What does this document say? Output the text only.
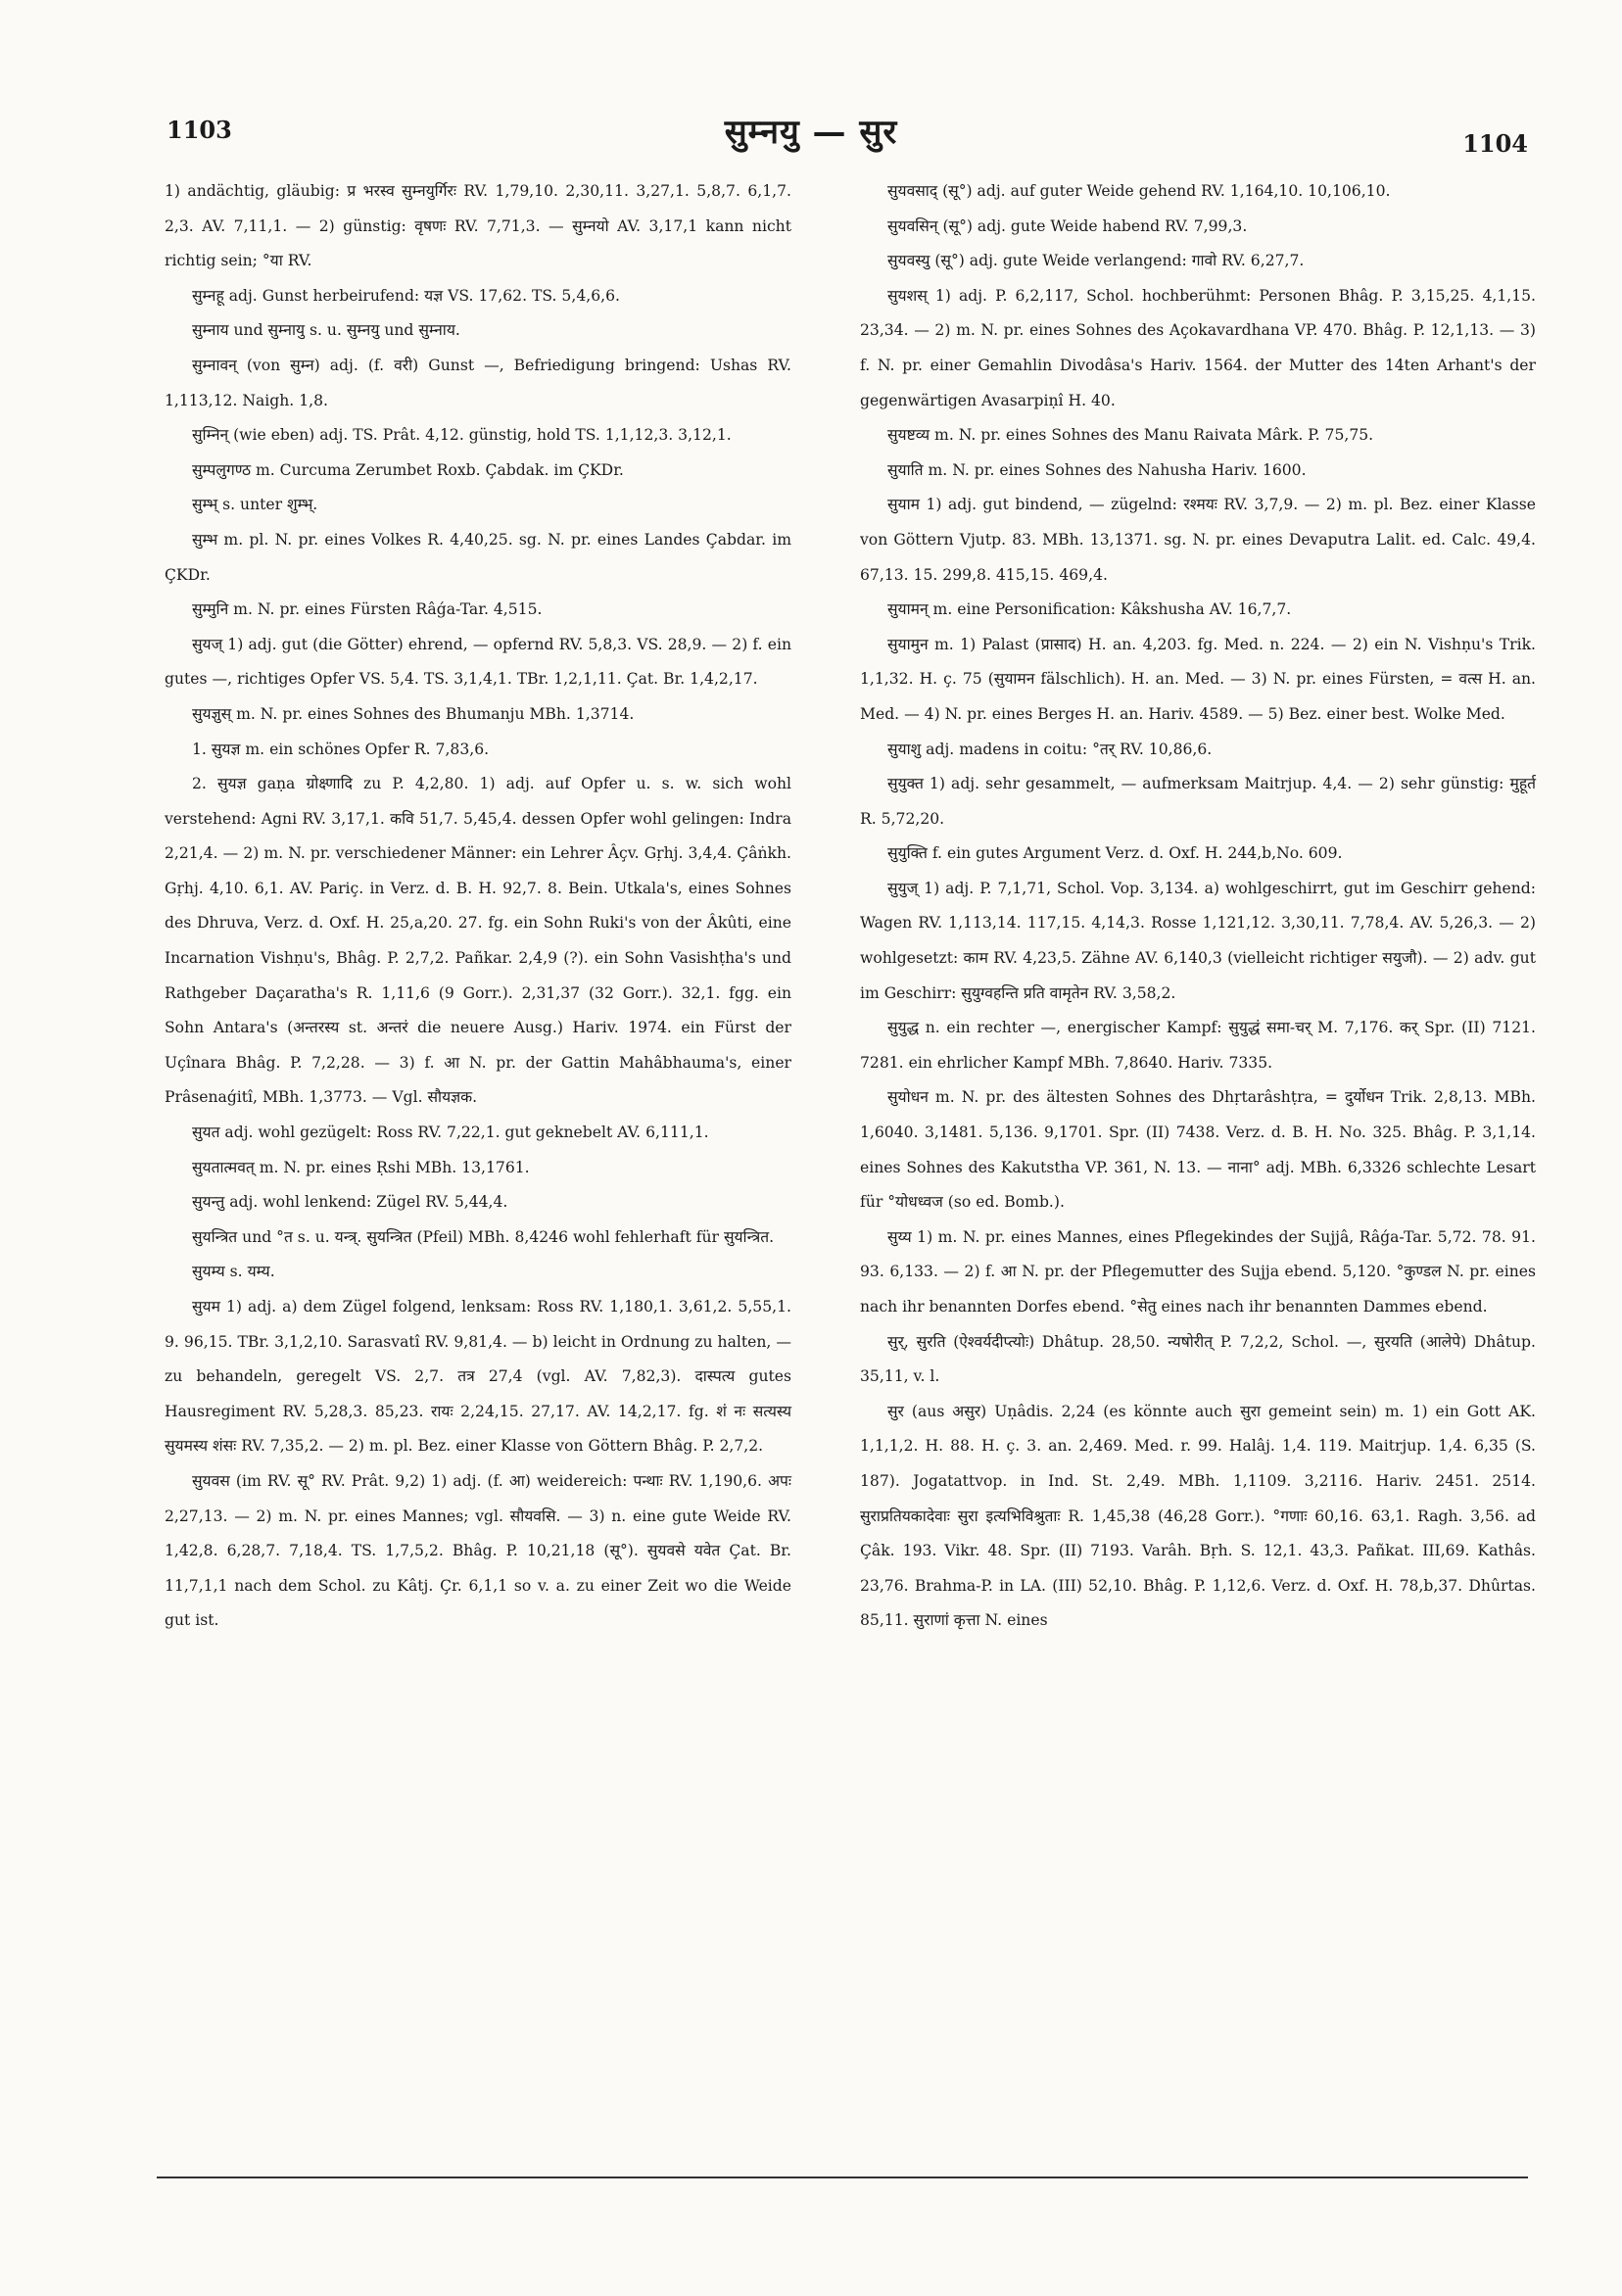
1103	सुम्नयु — सुर	1104

1) andächtig, gläubig: प्र भरस्व सुम्नयुर्गिरः RV. 1,79,10. 2,30,11. 3,27,1. 5,8,7. 6,1,7. 2,3. AV. 7,11,1. — 2) günstig: वृषणः RV. 7,71,3. — सुम्नयो AV. 3,17,1 kann nicht richtig sein; °या RV.

सुम्नहू adj. Gunst herbeirufend: यज्ञ VS. 17,62. TS. 5,4,6,6.

सुम्नाय und सुम्नायु s. u. सुम्नयु und सुम्नाय.

सुम्नावन् (von सुम्न) adj. (f. वरी) Gunst —, Befriedigung bringend: Ushas RV. 1,113,12. Naigh. 1,8.

सुम्निन् (wie eben) adj. TS. Prât. 4,12. günstig, hold TS. 1,1,12,3. 3,12,1.

सुम्पलुगण्ठ m. Curcuma Zerumbet Roxb. Çabdak. im ÇKDr.

सुम्भ् s. unter शुम्भ्.

सुम्भ m. pl. N. pr. eines Volkes R. 4,40,25. sg. N. pr. eines Landes Çabdar. im ÇKDr.

सुम्मुनि m. N. pr. eines Fürsten Râǵa-Tar. 4,515.

सुयज् 1) adj. gut (die Götter) ehrend, — opfernd RV. 5,8,3. VS. 28,9. — 2) f. ein gutes —, richtiges Opfer VS. 5,4. TS. 3,1,4,1. TBr. 1,2,1,11. Çat. Br. 1,4,2,17.

सुयज्ञुस् m. N. pr. eines Sohnes des Bhumanju MBh. 1,3714.

1. सुयज्ञ m. ein schönes Opfer R. 7,83,6.

2. सुयज्ञ gaṇa ग्रोक्ष्णादि zu P. 4,2,80. 1) adj. auf Opfer u. s. w. sich wohl verstehend: Agni RV. 3,17,1. कवि 51,7. 5,45,4. dessen Opfer wohl gelingen: Indra 2,21,4. — 2) m. N. pr. verschiedener Männer: ein Lehrer Âçv. Gṛhj. 3,4,4. Çâṅkh. Gṛhj. 4,10. 6,1. AV. Pariç. in Verz. d. B. H. 92,7. 8. Bein. Utkala's, eines Sohnes des Dhruva, Verz. d. Oxf. H. 25,a,20. 27. fg. ein Sohn Ruki's von der Âkûti, eine Incarnation Vishṇu's, Bhâg. P. 2,7,2. Pañkar. 2,4,9 (?). ein Sohn Vasishṭha's und Rathgeber Daçaratha's R. 1,11,6 (9 Gorr.). 2,31,37 (32 Gorr.). 32,1. fgg. ein Sohn Antara's (अन्तरस्य st. अन्तरं die neuere Ausg.) Hariv. 1974. ein Fürst der Uçînara Bhâg. P. 7,2,28. — 3) f. आ N. pr. der Gattin Mahâbhauma's, einer Prâsenaǵitî, MBh. 1,3773. — Vgl. सौयज्ञक.

सुयत adj. wohl gezügelt: Ross RV. 7,22,1. gut geknebelt AV. 6,111,1.

सुयतात्मवत् m. N. pr. eines Ṛshi MBh. 13,1761.

सुयन्तु adj. wohl lenkend: Zügel RV. 5,44,4.

सुयन्त्रित und °त s. u. यन्त्र्. सुयन्त्रित (Pfeil) MBh. 8,4246 wohl fehlerhaft für सुयन्त्रित.

सुयम्य s. यम्य.

सुयम 1) adj. a) dem Zügel folgend, lenksam: Ross RV. 1,180,1. 3,61,2. 5,55,1. 9. 96,15. TBr. 3,1,2,10. Sarasvatî RV. 9,81,4. — b) leicht in Ordnung zu halten, — zu behandeln, geregelt VS. 2,7. तत्र 27,4 (vgl. AV. 7,82,3). दास्पत्य gutes Hausregiment RV. 5,28,3. 85,23. रायः 2,24,15. 27,17. AV. 14,2,17. fg. शं नः सत्यस्य सुयमस्य शंसः RV. 7,35,2. — 2) m. pl. Bez. einer Klasse von Göttern Bhâg. P. 2,7,2.

सुयवस (im RV. सू° RV. Prât. 9,2) 1) adj. (f. आ) weidereich: पन्थाः RV. 1,190,6. अपः 2,27,13. — 2) m. N. pr. eines Mannes; vgl. सौयवसि. — 3) n. eine gute Weide RV. 1,42,8. 6,28,7. 7,18,4. TS. 1,7,5,2. Bhâg. P. 10,21,18 (सू°). सुयवसे यवेत Çat. Br. 11,7,1,1 nach dem Schol. zu Kâtj. Çr. 6,1,1 so v. a. zu einer Zeit wo die Weide gut ist.

सुयवसाद् (सू°) adj. auf guter Weide gehend RV. 1,164,10. 10,106,10.

सुयवसिन् (सू°) adj. gute Weide habend RV. 7,99,3.

सुयवस्यु (सू°) adj. gute Weide verlangend: गावो RV. 6,27,7.

सुयशस् 1) adj. P. 6,2,117, Schol. hochberühmt: Personen Bhâg. P. 3,15,25. 4,1,15. 23,34. — 2) m. N. pr. eines Sohnes des Açokavardhana VP. 470. Bhâg. P. 12,1,13. — 3) f. N. pr. einer Gemahlin Divodâsa's Hariv. 1564. der Mutter des 14ten Arhant's der gegenwärtigen Avasarpiṇî H. 40.

सुयष्टव्य m. N. pr. eines Sohnes des Manu Raivata Mârk. P. 75,75.

सुयाति m. N. pr. eines Sohnes des Nahusha Hariv. 1600.

सुयाम 1) adj. gut bindend, — zügelnd: रश्मयः RV. 3,7,9. — 2) m. pl. Bez. einer Klasse von Göttern Vjutp. 83. MBh. 13,1371. sg. N. pr. eines Devaputra Lalit. ed. Calc. 49,4. 67,13. 15. 299,8. 415,15. 469,4.

सुयामन् m. eine Personification: Kâkshusha AV. 16,7,7.

सुयामुन m. 1) Palast (प्रासाद) H. an. 4,203. fg. Med. n. 224. — 2) ein N. Vishṇu's Trik. 1,1,32. H. ç. 75 (सुयामन fälschlich). H. an. Med. — 3) N. pr. eines Fürsten, = वत्स H. an. Med. — 4) N. pr. eines Berges H. an. Hariv. 4589. — 5) Bez. einer best. Wolke Med.

सुयाशु adj. madens in coitu: °तर् RV. 10,86,6.

सुयुक्त 1) adj. sehr gesammelt, — aufmerksam Maitrjup. 4,4. — 2) sehr günstig: मुहूर्त R. 5,72,20.

सुयुक्ति f. ein gutes Argument Verz. d. Oxf. H. 244,b,No. 609.

सुयुज् 1) adj. P. 7,1,71, Schol. Vop. 3,134. a) wohlgeschirrt, gut im Geschirr gehend: Wagen RV. 1,113,14. 117,15. 4,14,3. Rosse 1,121,12. 3,30,11. 7,78,4. AV. 5,26,3. — 2) wohlgesetzt: काम RV. 4,23,5. Zähne AV. 6,140,3 (vielleicht richtiger सयुजौ). — 2) adv. gut im Geschirr: सुयुग्वहन्ति प्रति वामृतेन RV. 3,58,2.

सुयुद्ध n. ein rechter —, energischer Kampf: सुयुद्धं समा-चर् M. 7,176. कर् Spr. (II) 7121. 7281. ein ehrlicher Kampf MBh. 7,8640. Hariv. 7335.

सुयोधन m. N. pr. des ältesten Sohnes des Dhṛtarâshṭra, = दुर्योधन Trik. 2,8,13. MBh. 1,6040. 3,1481. 5,136. 9,1701. Spr. (II) 7438. Verz. d. B. H. No. 325. Bhâg. P. 3,1,14. eines Sohnes des Kakutstha VP. 361, N. 13. — नाना° adj. MBh. 6,3326 schlechte Lesart für °योधध्वज (so ed. Bomb.).

सुय्य 1) m. N. pr. eines Mannes, eines Pflegekindes der Sujjâ, Râǵa-Tar. 5,72. 78. 91. 93. 6,133. — 2) f. आ N. pr. der Pflegemutter des Sujja ebend. 5,120. °कुण्डल N. pr. eines nach ihr benannten Dorfes ebend. °सेतु eines nach ihr benannten Dammes ebend.

सुर्, सुरति (ऐश्वर्यदीप्त्योः) Dhâtup. 28,50. न्यषोरीत् P. 7,2,2, Schol. —, सुरयति (आलेपे) Dhâtup. 35,11, v. l.

सुर (aus असुर) Uṇâdis. 2,24 (es könnte auch सुरा gemeint sein) m. 1) ein Gott AK. 1,1,1,2. H. 88. H. ç. 3. an. 2,469. Med. r. 99. Halâj. 1,4. 119. Maitrjup. 1,4. 6,35 (S. 187). Jogatattvop. in Ind. St. 2,49. MBh. 1,1109. 3,2116. Hariv. 2451. 2514. सुराप्रतियकादेवाः सुरा इत्यभिविश्रुताः R. 1,45,38 (46,28 Gorr.). °गणाः 60,16. 63,1. Ragh. 3,56. ad Çâk. 193. Vikr. 48. Spr. (II) 7193. Varâh. Bṛh. S. 12,1. 43,3. Pañkat. III,69. Kathâs. 23,76. Brahma-P. in LA. (III) 52,10. Bhâg. P. 1,12,6. Verz. d. Oxf. H. 78,b,37. Dhûrtas. 85,11. सुराणां कृत्ता N. eines
